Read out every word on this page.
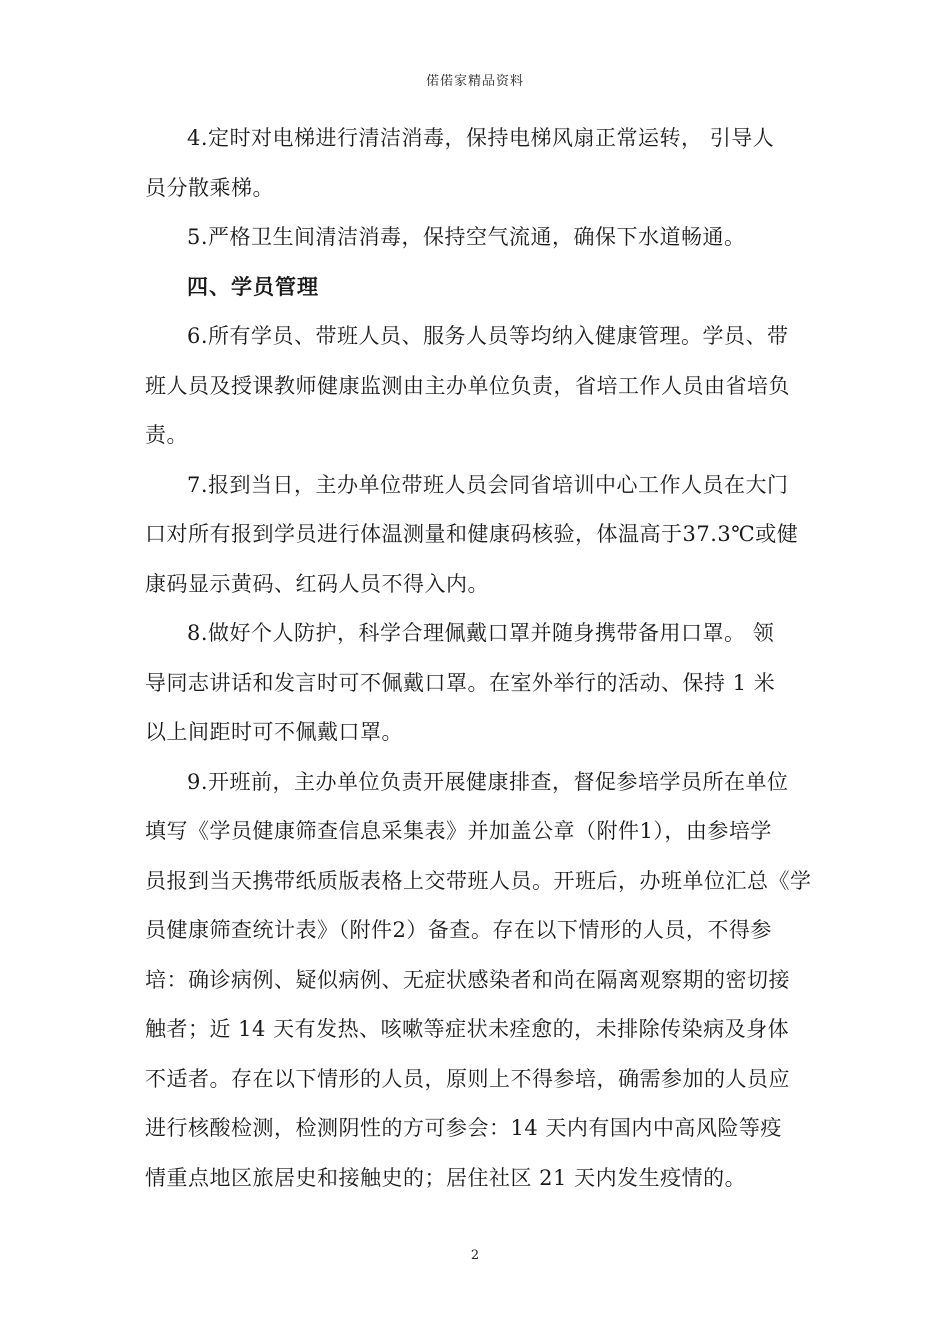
偌偌家精品资料
4.定时对电梯进行清洁消毒，保持电梯风扇正常运转， 引导人
员分散乘梯。
5.严格卫生间清洁消毒，保持空气流通，确保下水道畅通。
四、学员管理
6.所有学员、带班人员、服务人员等均纳入健康管理。学员、带
班人员及授课教师健康监测由主办单位负责，省培工作人员由省培负
责。
7.报到当日，主办单位带班人员会同省培训中心工作人员在大门
口对所有报到学员进行体温测量和健康码核验，体温高于37.3℃或健
康码显示黄码、红码人员不得入内。
8.做好个人防护，科学合理佩戴口罩并随身携带备用口罩。 领
导同志讲话和发言时可不佩戴口罩。在室外举行的活动、保持 1 米
以上间距时可不佩戴口罩。
9.开班前，主办单位负责开展健康排查，督促参培学员所在单位
填写《学员健康筛查信息采集表》并加盖公章（附件1），由参培学
员报到当天携带纸质版表格上交带班人员。开班后，办班单位汇总《学
员健康筛查统计表》（附件2）备查。存在以下情形的人员，不得参
培：确诊病例、疑似病例、无症状感染者和尚在隔离观察期的密切接
触者；近 14 天有发热、咳嗽等症状未痊愈的，未排除传染病及身体
不适者。存在以下情形的人员，原则上不得参培，确需参加的人员应
进行核酸检测，检测阴性的方可参会：14 天内有国内中高风险等疫
情重点地区旅居史和接触史的；居住社区 21 天内发生疫情的。
2
